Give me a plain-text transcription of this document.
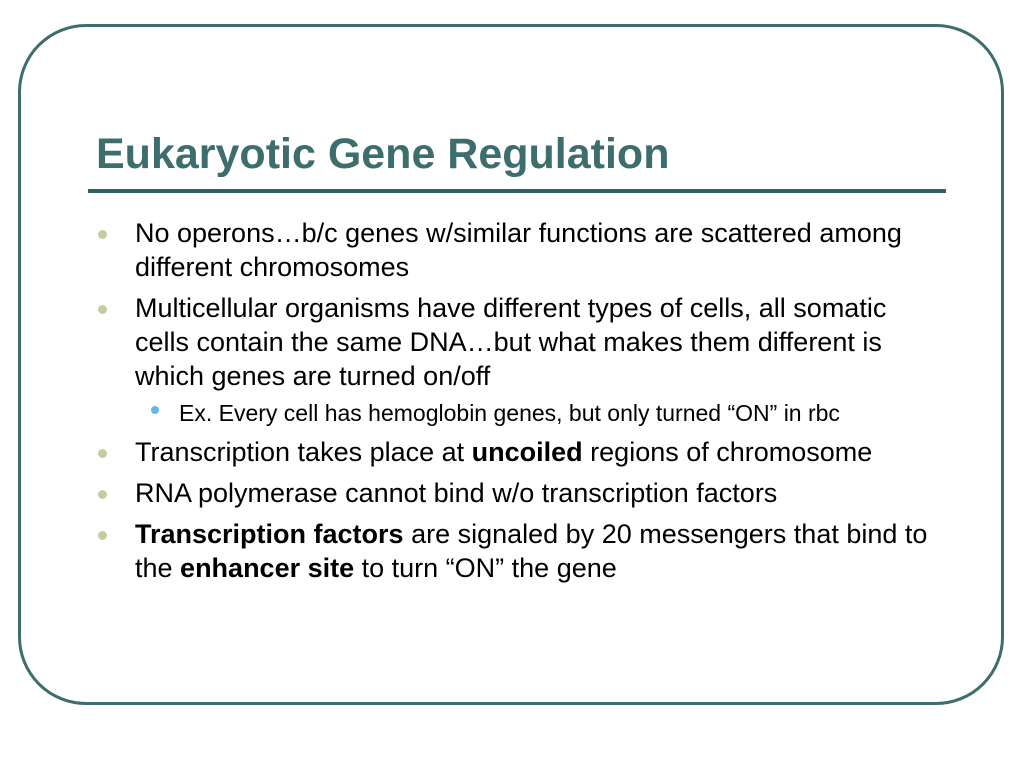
Eukaryotic Gene Regulation
No operons…b/c genes w/similar functions are scattered among different chromosomes
Multicellular organisms have different types of cells, all somatic cells contain the same DNA…but what makes them different is which genes are turned on/off
Ex. Every cell has hemoglobin genes, but only turned “ON” in rbc
Transcription takes place at uncoiled regions of chromosome
RNA polymerase cannot bind w/o transcription factors
Transcription factors are signaled by 20 messengers that bind to the enhancer site to turn “ON” the gene
